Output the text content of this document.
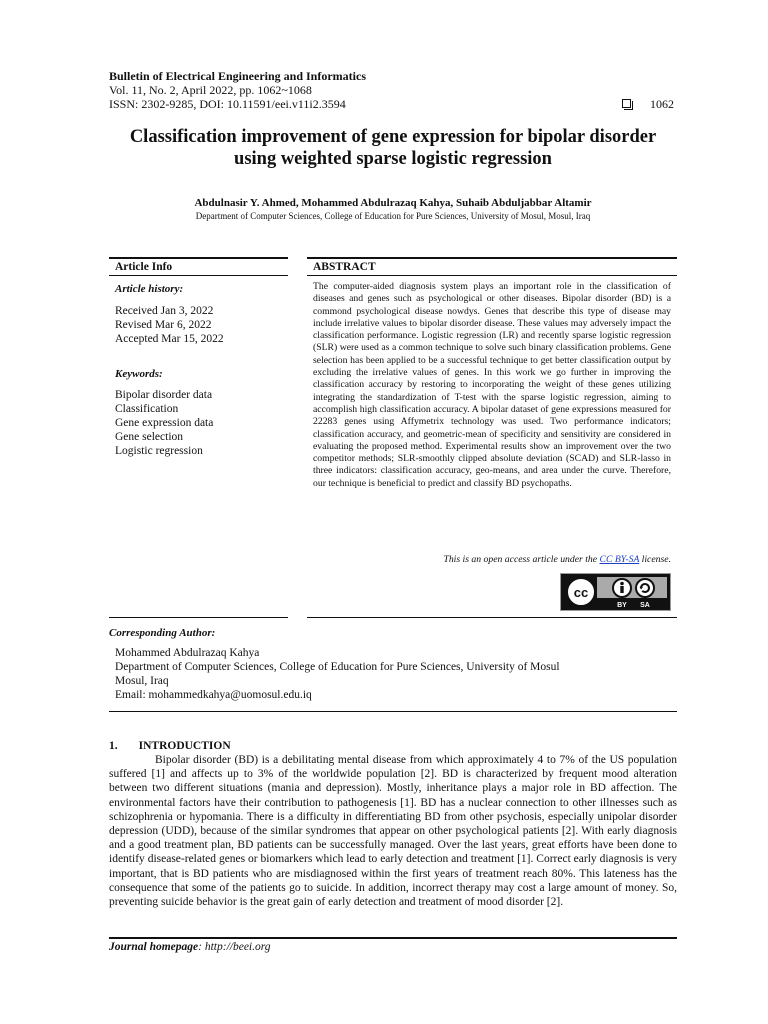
Bulletin of Electrical Engineering and Informatics
Vol. 11, No. 2, April 2022, pp. 1062~1068
ISSN: 2302-9285, DOI: 10.11591/eei.v11i2.3594	1062
Classification improvement of gene expression for bipolar disorder using weighted sparse logistic regression
Abdulnasir Y. Ahmed, Mohammed Abdulrazaq Kahya, Suhaib Abduljabbar Altamir
Department of Computer Sciences, College of Education for Pure Sciences, University of Mosul, Mosul, Iraq
Article Info
Article history:
Received Jan 3, 2022
Revised Mar 6, 2022
Accepted Mar 15, 2022
Keywords:
Bipolar disorder data
Classification
Gene expression data
Gene selection
Logistic regression
ABSTRACT
The computer-aided diagnosis system plays an important role in the classification of diseases and genes such as psychological or other diseases. Bipolar disorder (BD) is a commond psychological disease nowdys. Genes that describe this type of disease may include irrelative values to bipolar disorder disease. These values may adversely impact the classification performance. Logistic regression (LR) and recently sparse logistic regression (SLR) were used as a common technique to solve such binary classification problems. Gene selection has been applied to be a successful technique to get better classification output by excluding the irrelative values of genes. In this work we go further in improving the classification accuracy by restoring to incorporating the weight of these genes utilizing integrating the standardization of T-test with the sparse logistic regression, aiming to accomplish high classification accuracy. A bipolar dataset of gene expressions measured for 22283 genes using Affymetrix technology was used. Two performance indicators; classification accuracy, and geometric-mean of specificity and sensitivity are considered in evaluating the proposed method. Experimental results show an improvement over the two competitor methods; SLR-smoothly clipped absolute deviation (SCAD) and SLR-lasso in three indicators: classification accuracy, geo-means, and area under the curve. Therefore, our technique is beneficial to predict and classify BD psychopaths.
This is an open access article under the CC BY-SA license.
cc
BY SA
Corresponding Author:
Mohammed Abdulrazaq Kahya
Department of Computer Sciences, College of Education for Pure Sciences, University of Mosul
Mosul, Iraq
Email: mohammedkahya@uomosul.edu.iq
1. INTRODUCTION

Bipolar disorder (BD) is a debilitating mental disease from which approximately 4 to 7% of the US population suffered [1] and affects up to 3% of the worldwide population [2]. BD is characterized by frequent mood alteration between two different situations (mania and depression). Mostly, inheritance plays a major role in BD affection. The environmental factors have their contribution to pathogenesis [1]. BD has a nuclear connection to other illnesses such as schizophrenia or hypomania. There is a difficulty in differentiating BD from other psychosis, especially unipolar disorder depression (UDD), because of the similar syndromes that appear on other psychological patients [2]. With early diagnosis and a good treatment plan, BD patients can be successfully managed. Over the last years, great efforts have been done to identify disease-related genes or biomarkers which lead to early detection and treatment [1]. Correct early diagnosis is very important, that is BD patients who are misdiagnosed within the first years of treatment reach 80%. This lateness has the consequence that some of the patients go to suicide. In addition, incorrect therapy may cost a large amount of money. So, preventing suicide behavior is the great gain of early detection and treatment of mood disorder [2].

Journal homepage: http://beei.org
